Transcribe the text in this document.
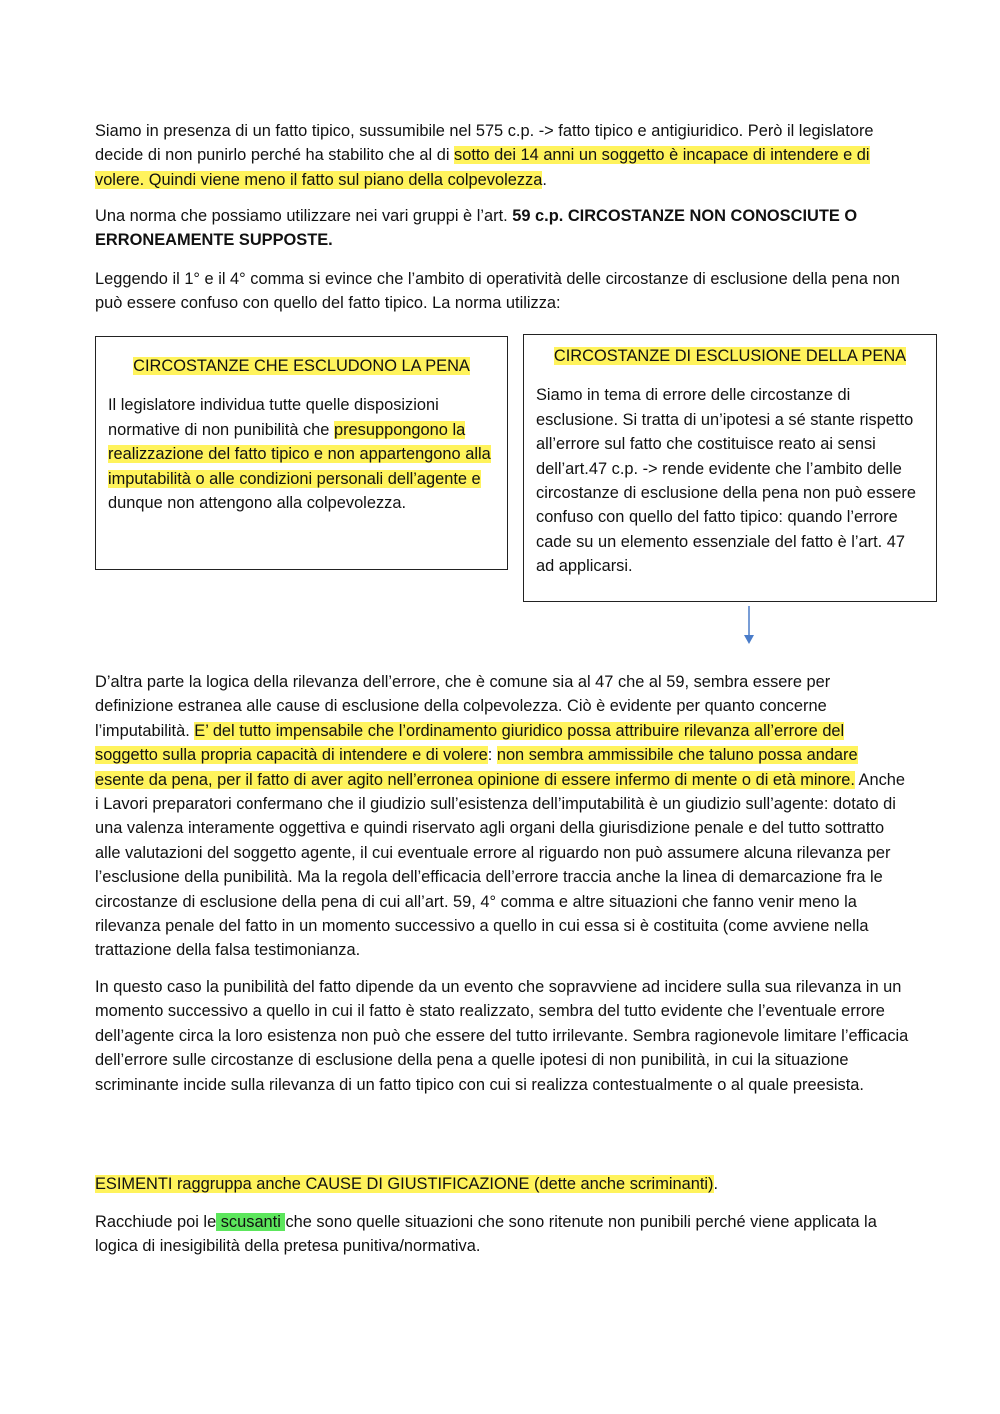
Siamo in presenza di un fatto tipico, sussumibile nel 575 c.p. -> fatto tipico e antigiuridico. Però il legislatore decide di non punirlo perché ha stabilito che al di sotto dei 14 anni un soggetto è incapace di intendere e di volere. Quindi viene meno il fatto sul piano della colpevolezza.

Una norma che possiamo utilizzare nei vari gruppi è l’art. 59 c.p. CIRCOSTANZE NON CONOSCIUTE O ERRONEAMENTE SUPPOSTE.

Leggendo il 1° e il 4° comma si evince che l’ambito di operatività delle circostanze di esclusione della pena non può essere confuso con quello del fatto tipico. La norma utilizza:

CIRCOSTANZE CHE ESCLUDONO LA PENA

Il legislatore individua tutte quelle disposizioni normative di non punibilità che presuppongono la realizzazione del fatto tipico e non appartengono alla imputabilità o alle condizioni personali dell’agente e dunque non attengono alla colpevolezza.

CIRCOSTANZE DI ESCLUSIONE DELLA PENA

Siamo in tema di errore delle circostanze di esclusione. Si tratta di un’ipotesi a sé stante rispetto all’errore sul fatto che costituisce reato ai sensi dell’art.47 c.p. -> rende evidente che l’ambito delle circostanze di esclusione della pena non può essere confuso con quello del fatto tipico: quando l’errore cade su un elemento essenziale del fatto è l’art. 47 ad applicarsi.

D’altra parte la logica della rilevanza dell’errore, che è comune sia al 47 che al 59, sembra essere per definizione estranea alle cause di esclusione della colpevolezza. Ciò è evidente per quanto concerne l’imputabilità. E’ del tutto impensabile che l’ordinamento giuridico possa attribuire rilevanza all’errore del soggetto sulla propria capacità di intendere e di volere: non sembra ammissibile che taluno possa andare esente da pena, per il fatto di aver agito nell’erronea opinione di essere infermo di mente o di età minore. Anche i Lavori preparatori confermano che il giudizio sull’esistenza dell’imputabilità è un giudizio sull’agente: dotato di una valenza interamente oggettiva e quindi riservato agli organi della giurisdizione penale e del tutto sottratto alle valutazioni del soggetto agente, il cui eventuale errore al riguardo non può assumere alcuna rilevanza per l’esclusione della punibilità. Ma la regola dell’efficacia dell’errore traccia anche la linea di demarcazione fra le circostanze di esclusione della pena di cui all’art. 59, 4° comma e altre situazioni che fanno venir meno la rilevanza penale del fatto in un momento successivo a quello in cui essa si è costituita (come avviene nella trattazione della falsa testimonianza.

In questo caso la punibilità del fatto dipende da un evento che sopravviene ad incidere sulla sua rilevanza in un momento successivo a quello in cui il fatto è stato realizzato, sembra del tutto evidente che l’eventuale errore dell’agente circa la loro esistenza non può che essere del tutto irrilevante. Sembra ragionevole limitare l’efficacia dell’errore sulle circostanze di esclusione della pena a quelle ipotesi di non punibilità, in cui la situazione scriminante incide sulla rilevanza di un fatto tipico con cui si realizza contestualmente o al quale preesista.

ESIMENTI raggruppa anche CAUSE DI GIUSTIFICAZIONE (dette anche scriminanti).

Racchiude poi le scusanti che sono quelle situazioni che sono ritenute non punibili perché viene applicata la logica di inesigibilità della pretesa punitiva/normativa.
